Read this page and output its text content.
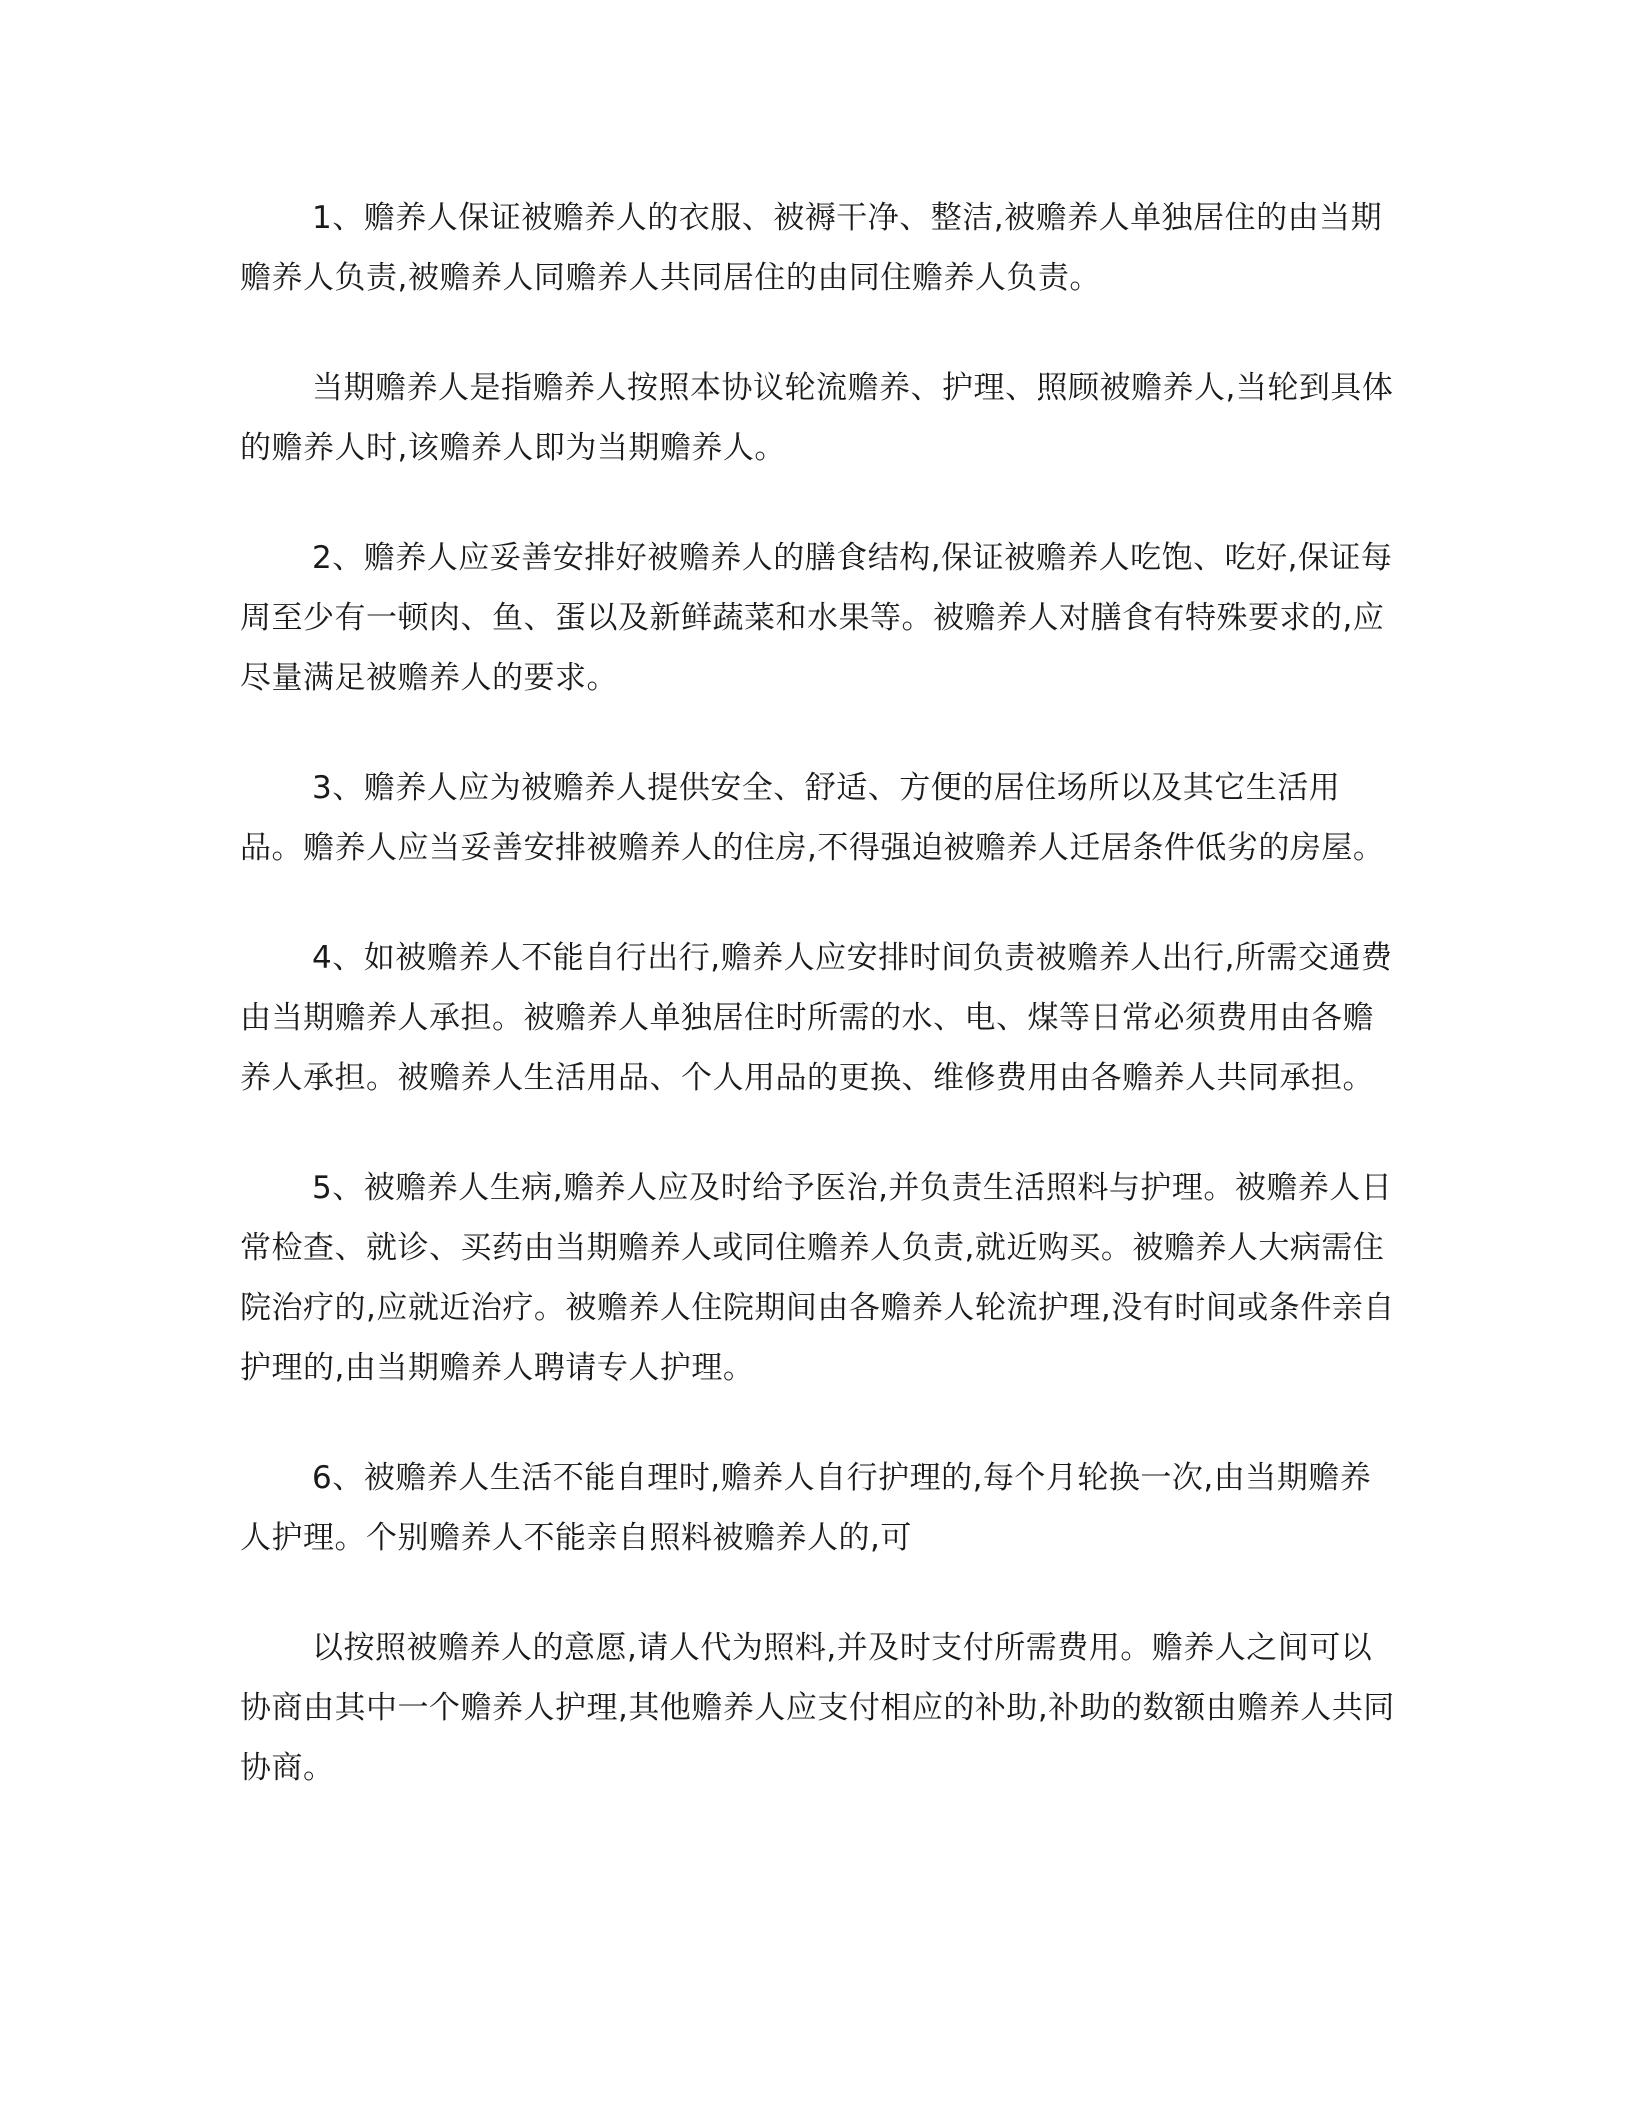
1、赡养人保证被赡养人的衣服、被褥干净、整洁,被赡养人单独居住的由当期赡养人负责,被赡养人同赡养人共同居住的由同住赡养人负责。

当期赡养人是指赡养人按照本协议轮流赡养、护理、照顾被赡养人,当轮到具体的赡养人时,该赡养人即为当期赡养人。

2、赡养人应妥善安排好被赡养人的膳食结构,保证被赡养人吃饱、吃好,保证每周至少有一顿肉、鱼、蛋以及新鲜蔬菜和水果等。被赡养人对膳食有特殊要求的,应尽量满足被赡养人的要求。

3、赡养人应为被赡养人提供安全、舒适、方便的居住场所以及其它生活用品。赡养人应当妥善安排被赡养人的住房,不得强迫被赡养人迁居条件低劣的房屋。

4、如被赡养人不能自行出行,赡养人应安排时间负责被赡养人出行,所需交通费由当期赡养人承担。被赡养人单独居住时所需的水、电、煤等日常必须费用由各赡养人承担。被赡养人生活用品、个人用品的更换、维修费用由各赡养人共同承担。

5、被赡养人生病,赡养人应及时给予医治,并负责生活照料与护理。被赡养人日常检查、就诊、买药由当期赡养人或同住赡养人负责,就近购买。被赡养人大病需住院治疗的,应就近治疗。被赡养人住院期间由各赡养人轮流护理,没有时间或条件亲自护理的,由当期赡养人聘请专人护理。

6、被赡养人生活不能自理时,赡养人自行护理的,每个月轮换一次,由当期赡养人护理。个别赡养人不能亲自照料被赡养人的,可

以按照被赡养人的意愿,请人代为照料,并及时支付所需费用。赡养人之间可以协商由其中一个赡养人护理,其他赡养人应支付相应的补助,补助的数额由赡养人共同协商。
